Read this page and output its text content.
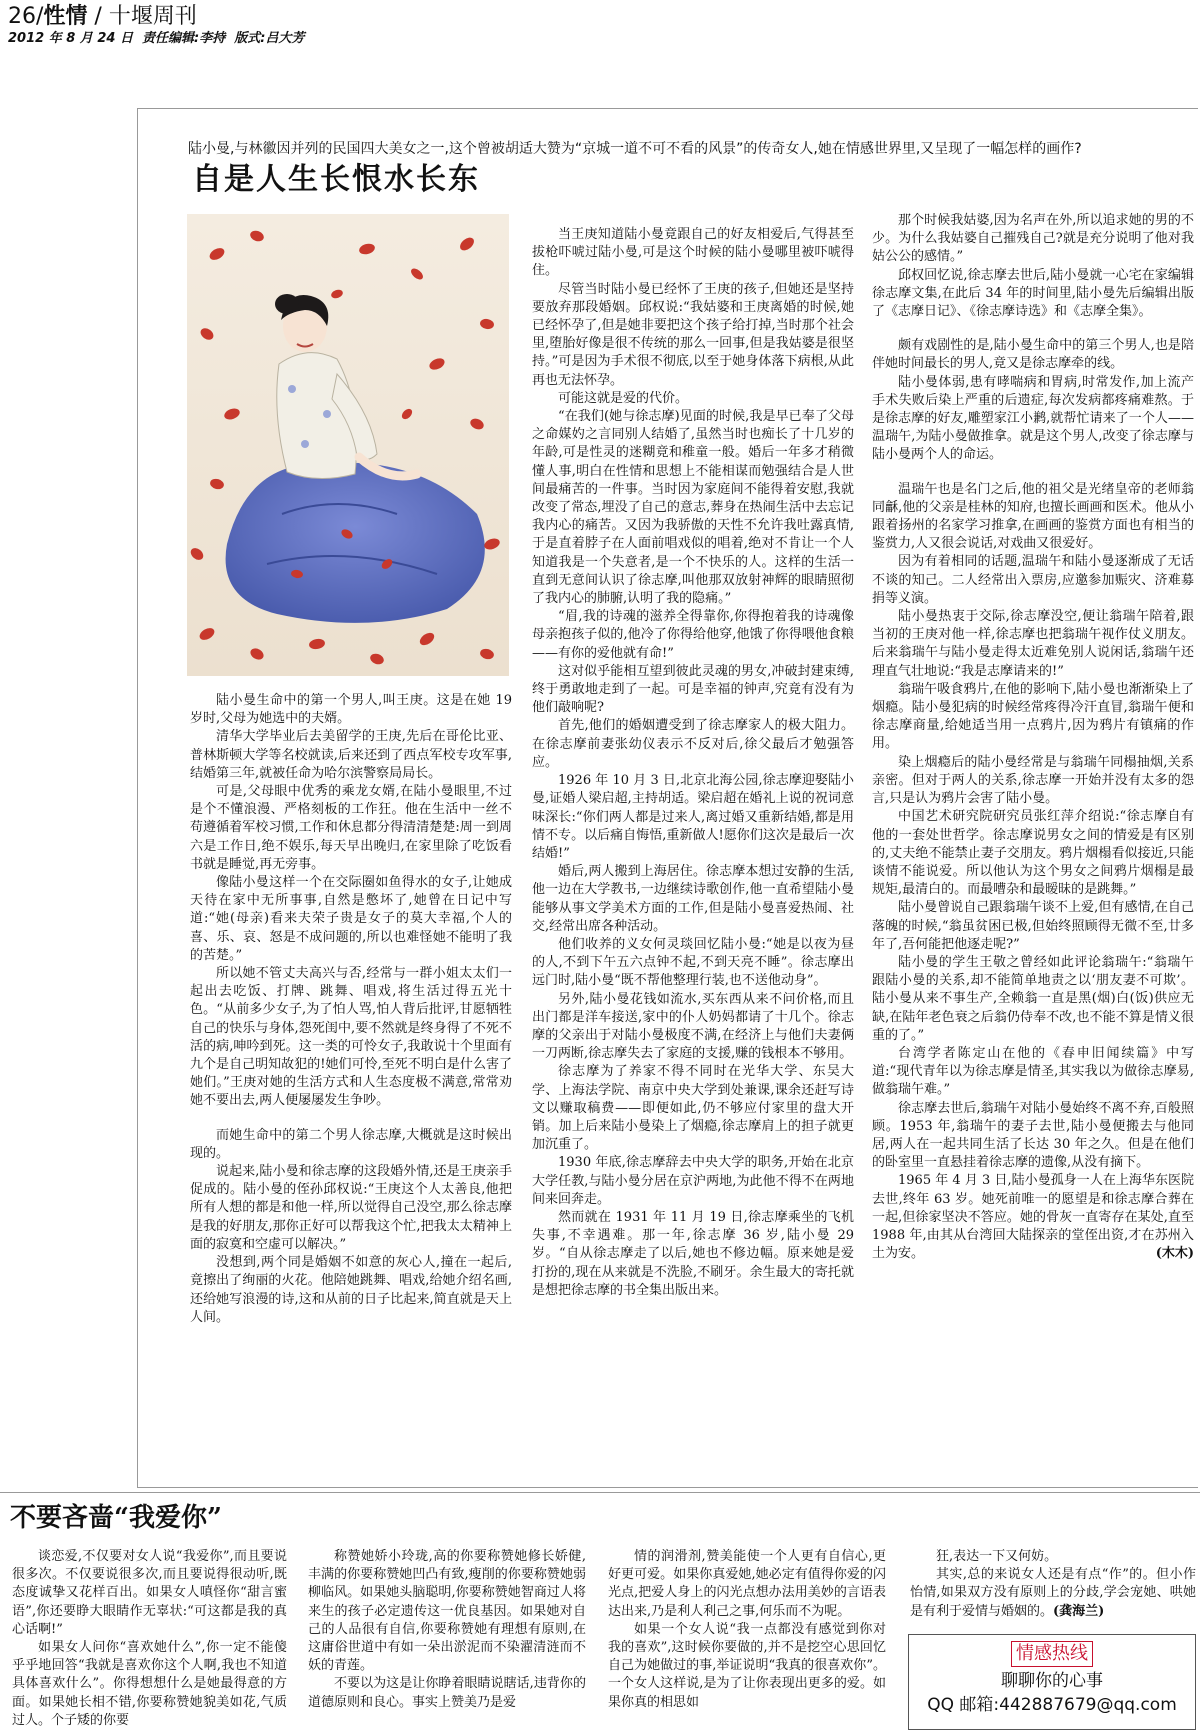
26/性情 / 十堰周刊
2012 年 8 月 24 日 责任编辑:李持 版式:吕大芳
陆小曼,与林徽因并列的民国四大美女之一,这个曾被胡适大赞为“京城一道不可不看的风景”的传奇女人,她在情感世界里,又呈现了一幅怎样的画作?
自是人生长恨水长东

陆小曼生命中的第一个男人,叫王庚。这是在她 19 岁时,父母为她选中的夫婿。

清华大学毕业后去美留学的王庚,先后在哥伦比亚、普林斯顿大学等名校就读,后来还到了西点军校专攻军事,结婚第三年,就被任命为哈尔滨警察局局长。

可是,父母眼中优秀的乘龙女婿,在陆小曼眼里,不过是个不懂浪漫、严格刻板的工作狂。他在生活中一丝不苟遵循着军校习惯,工作和休息都分得清清楚楚:周一到周六是工作日,绝不娱乐,每天早出晚归,在家里除了吃饭看书就是睡觉,再无旁事。

像陆小曼这样一个在交际圈如鱼得水的女子,让她成天待在家中无所事事,自然是憋坏了,她曾在日记中写道:“她(母亲)看来夫荣子贵是女子的莫大幸福,个人的喜、乐、哀、怒是不成问题的,所以也难怪她不能明了我的苦楚。”

所以她不管丈夫高兴与否,经常与一群小姐太太们一起出去吃饭、打牌、跳舞、唱戏,将生活过得五光十色。“从前多少女子,为了怕人骂,怕人背后批评,甘愿牺牲自己的快乐与身体,怨死闺中,要不然就是终身得了不死不活的病,呻吟到死。这一类的可怜女子,我敢说十个里面有九个是自己明知故犯的!她们可怜,至死不明白是什么害了她们。”王庚对她的生活方式和人生态度极不满意,常常劝她不要出去,两人便屡屡发生争吵。

而她生命中的第二个男人徐志摩,大概就是这时候出现的。

说起来,陆小曼和徐志摩的这段婚外情,还是王庚亲手促成的。陆小曼的侄孙邱权说:“王庚这个人太善良,他把所有人想的都是和他一样,所以觉得自己没空,那么徐志摩是我的好朋友,那你正好可以帮我这个忙,把我太太精神上面的寂寞和空虚可以解决。”

没想到,两个同是婚姻不如意的灰心人,撞在一起后,竟擦出了绚丽的火花。他陪她跳舞、唱戏,给她介绍名画,还给她写浪漫的诗,这和从前的日子比起来,简直就是天上人间。

当王庚知道陆小曼竟跟自己的好友相爱后,气得甚至拔枪吓唬过陆小曼,可是这个时候的陆小曼哪里被吓唬得住。

尽管当时陆小曼已经怀了王庚的孩子,但她还是坚持要放弃那段婚姻。邱权说:“我姑婆和王庚离婚的时候,她已经怀孕了,但是她非要把这个孩子给打掉,当时那个社会里,堕胎好像是很不传统的那么一回事,但是我姑婆是很坚持。”可是因为手术很不彻底,以至于她身体落下病根,从此再也无法怀孕。

可能这就是爱的代价。

“在我们(她与徐志摩)见面的时候,我是早已奉了父母之命媒妁之言同别人结婚了,虽然当时也痴长了十几岁的年龄,可是性灵的迷糊竟和稚童一般。婚后一年多才稍微懂人事,明白在性情和思想上不能相谋而勉强结合是人世间最痛苦的一件事。当时因为家庭间不能得着安慰,我就改变了常态,埋没了自己的意志,葬身在热闹生活中去忘记我内心的痛苦。又因为我骄傲的天性不允许我吐露真情,于是直着脖子在人面前唱戏似的唱着,绝对不肯让一个人知道我是一个失意者,是一个不快乐的人。这样的生活一直到无意间认识了徐志摩,叫他那双放射神辉的眼睛照彻了我内心的肺腑,认明了我的隐痛。”

“眉,我的诗魂的滋养全得靠你,你得抱着我的诗魂像母亲抱孩子似的,他冷了你得给他穿,他饿了你得喂他食粮——有你的爱他就有命!”

这对似乎能相互望到彼此灵魂的男女,冲破封建束缚,终于勇敢地走到了一起。可是幸福的钟声,究竟有没有为他们敲响呢?

首先,他们的婚姻遭受到了徐志摩家人的极大阻力。在徐志摩前妻张幼仪表示不反对后,徐父最后才勉强答应。

1926 年 10 月 3 日,北京北海公园,徐志摩迎娶陆小曼,证婚人梁启超,主持胡适。梁启超在婚礼上说的祝词意味深长:“你们两人都是过来人,离过婚又重新结婚,都是用情不专。以后痛自悔悟,重新做人!愿你们这次是最后一次结婚!”

婚后,两人搬到上海居住。徐志摩本想过安静的生活,他一边在大学教书,一边继续诗歌创作,他一直希望陆小曼能够从事文学美术方面的工作,但是陆小曼喜爱热闹、社交,经常出席各种活动。

他们收养的义女何灵琰回忆陆小曼:“她是以夜为昼的人,不到下午五六点钟不起,不到天亮不睡”。徐志摩出远门时,陆小曼“既不帮他整理行装,也不送他动身”。

另外,陆小曼花钱如流水,买东西从来不问价格,而且出门都是洋车接送,家中的仆人奶妈都请了十几个。徐志摩的父亲出于对陆小曼极度不满,在经济上与他们夫妻俩一刀两断,徐志摩失去了家庭的支援,赚的钱根本不够用。

徐志摩为了养家不得不同时在光华大学、东吴大学、上海法学院、南京中央大学到处兼课,课余还赶写诗文以赚取稿费——即便如此,仍不够应付家里的盘大开销。加上后来陆小曼染上了烟瘾,徐志摩肩上的担子就更加沉重了。

1930 年底,徐志摩辞去中央大学的职务,开始在北京大学任教,与陆小曼分居在京沪两地,为此他不得不在两地间来回奔走。

然而就在 1931 年 11 月 19 日,徐志摩乘坐的飞机失事,不幸遇难。那一年,徐志摩 36 岁,陆小曼 29 岁。“自从徐志摩走了以后,她也不修边幅。原来她是爱打扮的,现在从来就是不洗脸,不刷牙。余生最大的寄托就是想把徐志摩的书全集出版出来。

那个时候我姑婆,因为名声在外,所以追求她的男的不少。为什么我姑婆自己摧残自己?就是充分说明了他对我姑公公的感情。”

邱权回忆说,徐志摩去世后,陆小曼就一心宅在家编辑徐志摩文集,在此后 34 年的时间里,陆小曼先后编辑出版了《志摩日记》、《徐志摩诗选》和《志摩全集》。

颇有戏剧性的是,陆小曼生命中的第三个男人,也是陪伴她时间最长的男人,竟又是徐志摩牵的线。

陆小曼体弱,患有哮喘病和胃病,时常发作,加上流产手术失败后染上严重的后遗症,每次发病都疼痛难熬。于是徐志摩的好友,雕塑家江小鹣,就帮忙请来了一个人——温瑞午,为陆小曼做推拿。就是这个男人,改变了徐志摩与陆小曼两个人的命运。

温瑞午也是名门之后,他的祖父是光绪皇帝的老师翁同龢,他的父亲是桂林的知府,也擅长画画和医术。他从小跟着扬州的名家学习推拿,在画画的鉴赏方面也有相当的鉴赏力,人又很会说话,对戏曲又很爱好。

因为有着相同的话题,温瑞午和陆小曼逐渐成了无话不谈的知己。二人经常出入票房,应邀参加赈灾、济难募捐等义演。

陆小曼热衷于交际,徐志摩没空,便让翁瑞午陪着,跟当初的王庚对他一样,徐志摩也把翁瑞午视作仗义朋友。后来翁瑞午与陆小曼走得太近难免别人说闲话,翁瑞午还理直气壮地说:“我是志摩请来的!”

翁瑞午吸食鸦片,在他的影响下,陆小曼也渐渐染上了烟瘾。陆小曼犯病的时候经常疼得冷汗直冒,翁瑞午便和徐志摩商量,给她适当用一点鸦片,因为鸦片有镇痛的作用。

染上烟瘾后的陆小曼经常是与翁瑞午同榻抽烟,关系亲密。但对于两人的关系,徐志摩一开始并没有太多的怨言,只是认为鸦片会害了陆小曼。

中国艺术研究院研究员张红萍介绍说:“徐志摩自有他的一套处世哲学。徐志摩说男女之间的情爱是有区别的,丈夫绝不能禁止妻子交朋友。鸦片烟榻看似接近,只能谈情不能说爱。所以他认为这个男女之间鸦片烟榻是最规矩,最清白的。而最嘈杂和最暧昧的是跳舞。”

陆小曼曾说自己跟翁瑞午谈不上爱,但有感情,在自己落魄的时候,“翁虽贫困已极,但始终照顾得无微不至,廿多年了,吾何能把他逐走呢?”

陆小曼的学生王敬之曾经如此评论翁瑞午:“翁瑞午跟陆小曼的关系,却不能简单地责之以‘朋友妻不可欺’。陆小曼从来不事生产,全赖翁一直是黑(烟)白(饭)供应无缺,在陆年老色衰之后翁仍侍奉不改,也不能不算是情义很重的了。”

台湾学者陈定山在他的《春申旧闻续篇》中写道:“现代青年以为徐志摩是情圣,其实我以为做徐志摩易,做翁瑞午难。”

徐志摩去世后,翁瑞午对陆小曼始终不离不弃,百般照顾。1953 年,翁瑞午的妻子去世,陆小曼便搬去与他同居,两人在一起共同生活了长达 30 年之久。但是在他们的卧室里一直悬挂着徐志摩的遗像,从没有摘下。

1965 年 4 月 3 日,陆小曼孤身一人在上海华东医院去世,终年 63 岁。她死前唯一的愿望是和徐志摩合葬在一起,但徐家坚决不答应。她的骨灰一直寄存在某处,直至 1988 年,由其从台湾回大陆探亲的堂侄出资,才在苏州入土为安。	(木木)

不要吝啬“我爱你”

谈恋爱,不仅要对女人说“我爱你”,而且要说很多次。不仅要说很多次,而且要说得很动听,既态度诚挚又花样百出。如果女人嗔怪你“甜言蜜语”,你还要睁大眼睛作无辜状:“可这都是我的真心话啊!”

如果女人问你“喜欢她什么”,你一定不能傻乎乎地回答“我就是喜欢你这个人啊,我也不知道具体喜欢什么”。你得想想什么是她最得意的方面。如果她长相不错,你要称赞她貌美如花,气质过人。个子矮的你要

称赞她娇小玲珑,高的你要称赞她修长娇健,丰满的你要称赞她凹凸有致,瘦削的你要称赞她弱柳临风。如果她头脑聪明,你要称赞她智商过人将来生的孩子必定遗传这一优良基因。如果她对自己的人品很有自信,你要称赞她有理想有原则,在这庸俗世道中有如一朵出淤泥而不染濯清涟而不妖的青莲。

不要以为这是让你睁着眼睛说瞎话,违背你的道德原则和良心。事实上赞美乃是爱

情的润滑剂,赞美能使一个人更有自信心,更好更可爱。如果你真爱她,她必定有值得你爱的闪光点,把爱人身上的闪光点想办法用美妙的言语表达出来,乃是利人利己之事,何乐而不为呢。

如果一个女人说“我一点都没有感觉到你对我的喜欢”,这时候你要做的,并不是挖空心思回忆自己为她做过的事,举证说明“我真的很喜欢你”。一个女人这样说,是为了让你表现出更多的爱。如果你真的相思如

狂,表达一下又何妨。

其实,总的来说女人还是有点“作”的。但小作怡情,如果双方没有原则上的分歧,学会宠她、哄她是有利于爱情与婚姻的。(龚海兰)

情感热线
聊聊你的心事
QQ 邮箱:442887679@qq.com
